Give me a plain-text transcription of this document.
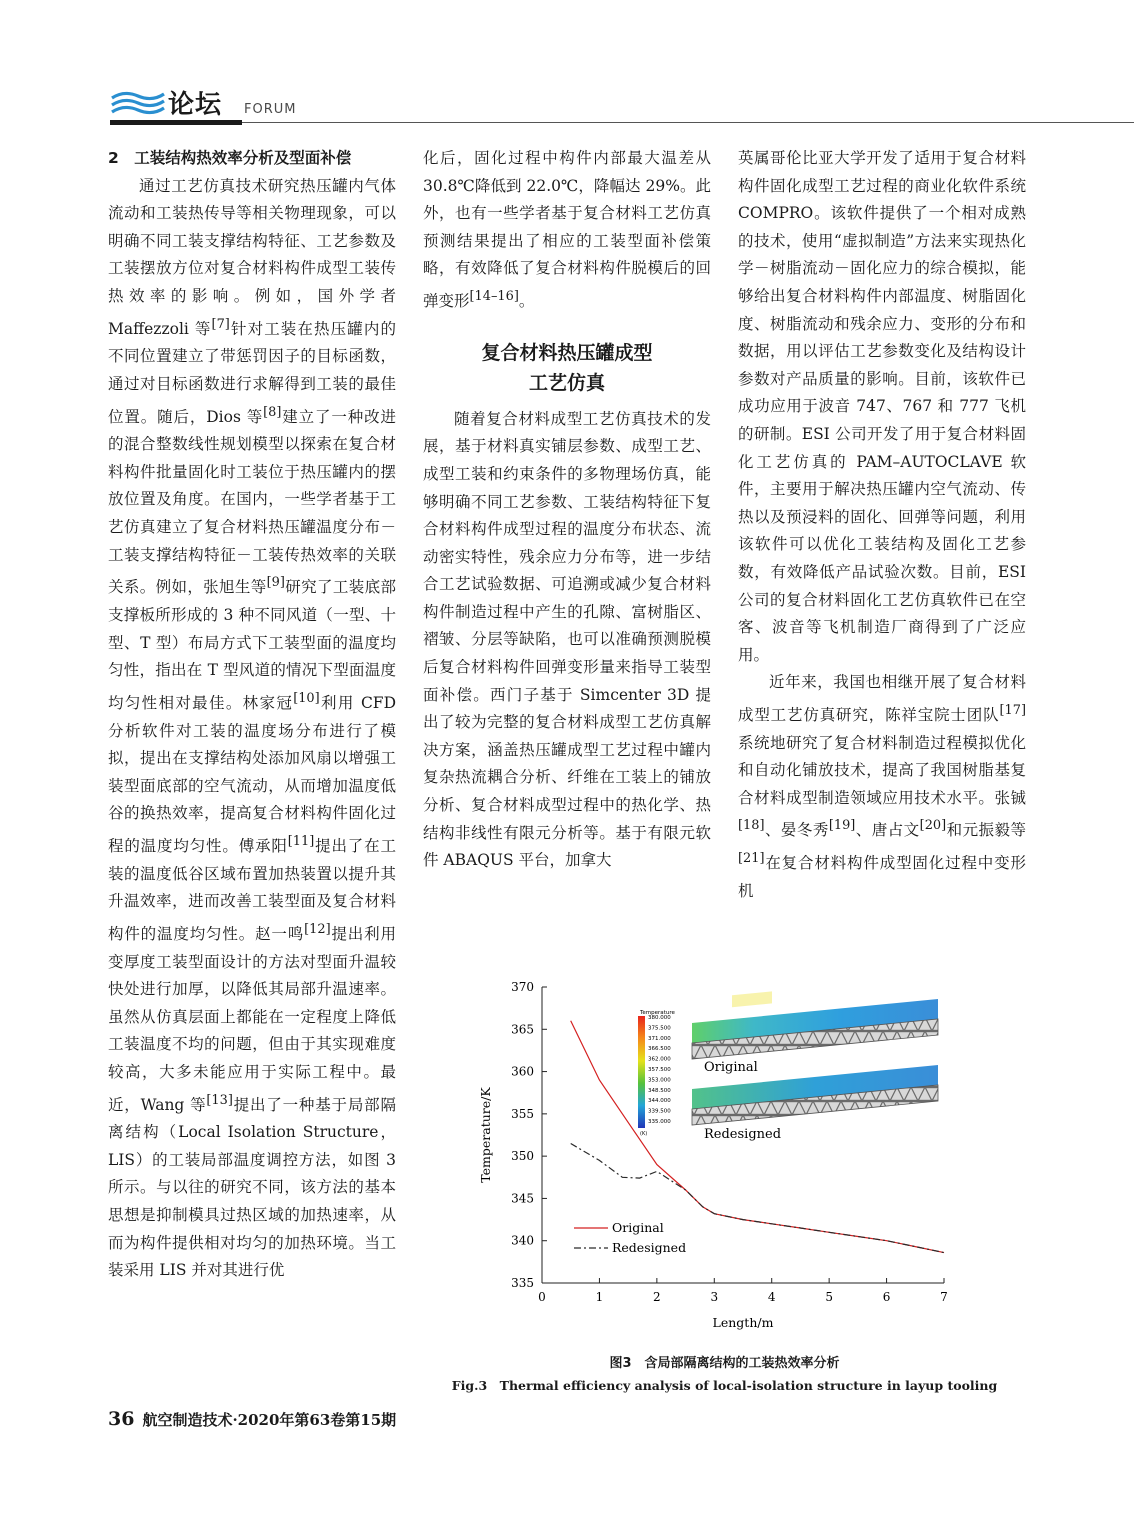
论坛 FORUM

2　工装结构热效率分析及型面补偿

通过工艺仿真技术研究热压罐内气体流动和工装热传导等相关物理现象，可以明确不同工装支撑结构特征、工艺参数及工装摆放方位对复合材料构件成型工装传热效率的影响。例如，国外学者 Maffezzoli 等[7]针对工装在热压罐内的不同位置建立了带惩罚因子的目标函数，通过对目标函数进行求解得到工装的最佳位置。随后，Dios 等[8]建立了一种改进的混合整数线性规划模型以探索在复合材料构件批量固化时工装位于热压罐内的摆放位置及角度。在国内，一些学者基于工艺仿真建立了复合材料热压罐温度分布－工装支撑结构特征－工装传热效率的关联关系。例如，张旭生等[9]研究了工装底部支撑板所形成的 3 种不同风道（一型、十型、T 型）布局方式下工装型面的温度均匀性，指出在 T 型风道的情况下型面温度均匀性相对最佳。林家冠[10]利用 CFD 分析软件对工装的温度场分布进行了模拟，提出在支撑结构处添加风扇以增强工装型面底部的空气流动，从而增加温度低谷的换热效率，提高复合材料构件固化过程的温度均匀性。傅承阳[11]提出了在工装的温度低谷区域布置加热装置以提升其升温效率，进而改善工装型面及复合材料构件的温度均匀性。赵一鸣[12]提出利用变厚度工装型面设计的方法对型面升温较快处进行加厚，以降低其局部升温速率。虽然从仿真层面上都能在一定程度上降低工装温度不均的问题，但由于其实现难度较高，大多未能应用于实际工程中。最近，Wang 等[13]提出了一种基于局部隔离结构（Local Isolation Structure，LIS）的工装局部温度调控方法，如图 3 所示。与以往的研究不同，该方法的基本思想是抑制模具过热区域的加热速率，从而为构件提供相对均匀的加热环境。当工装采用 LIS 并对其进行优

化后，固化过程中构件内部最大温差从 30.8℃降低到 22.0℃，降幅达 29%。此外，也有一些学者基于复合材料工艺仿真预测结果提出了相应的工装型面补偿策略，有效降低了复合材料构件脱模后的回弹变形[14–16]。

复合材料热压罐成型
工艺仿真

随着复合材料成型工艺仿真技术的发展，基于材料真实铺层参数、成型工艺、成型工装和约束条件的多物理场仿真，能够明确不同工艺参数、工装结构特征下复合材料构件成型过程的温度分布状态、流动密实特性，残余应力分布等，进一步结合工艺试验数据、可追溯或减少复合材料构件制造过程中产生的孔隙、富树脂区、褶皱、分层等缺陷，也可以准确预测脱模后复合材料构件回弹变形量来指导工装型面补偿。西门子基于 Simcenter 3D 提出了较为完整的复合材料成型工艺仿真解决方案，涵盖热压罐成型工艺过程中罐内复杂热流耦合分析、纤维在工装上的铺放分析、复合材料成型过程中的热化学、热结构非线性有限元分析等。基于有限元软件 ABAQUS 平台，加拿大

英属哥伦比亚大学开发了适用于复合材料构件固化成型工艺过程的商业化软件系统 COMPRO。该软件提供了一个相对成熟的技术，使用“虚拟制造”方法来实现热化学－树脂流动－固化应力的综合模拟，能够给出复合材料构件内部温度、树脂固化度、树脂流动和残余应力、变形的分布和数据，用以评估工艺参数变化及结构设计参数对产品质量的影响。目前，该软件已成功应用于波音 747、767 和 777 飞机的研制。ESI 公司开发了用于复合材料固化工艺仿真的 PAM–AUTOCLAVE 软件，主要用于解决热压罐内空气流动、传热以及预浸料的固化、回弹等问题，利用该软件可以优化工装结构及固化工艺参数，有效降低产品试验次数。目前，ESI 公司的复合材料固化工艺仿真软件已在空客、波音等飞机制造厂商得到了广泛应用。

近年来，我国也相继开展了复合材料成型工艺仿真研究，陈祥宝院士团队[17]系统地研究了复合材料制造过程模拟优化和自动化铺放技术，提高了我国树脂基复合材料成型制造领域应用技术水平。张铖[18]、晏冬秀[19]、唐占文[20]和元振毅等[21]在复合材料构件成型固化过程中变形机

0	1	2	3	4	5	6	7
335
340
345
350
355
360
365
370
Length/m
Temperature/K
Original
Redesigned
Temperature
380.000
375.500
371.000
366.500
362.000
357.500
353.000
348.500
344.000
339.500
335.000
(K)
Original
Redesigned
图3　含局部隔离结构的工装热效率分析
Fig.3　Thermal efficiency analysis of local-isolation structure in layup tooling
36 航空制造技术·2020年第63卷第15期
